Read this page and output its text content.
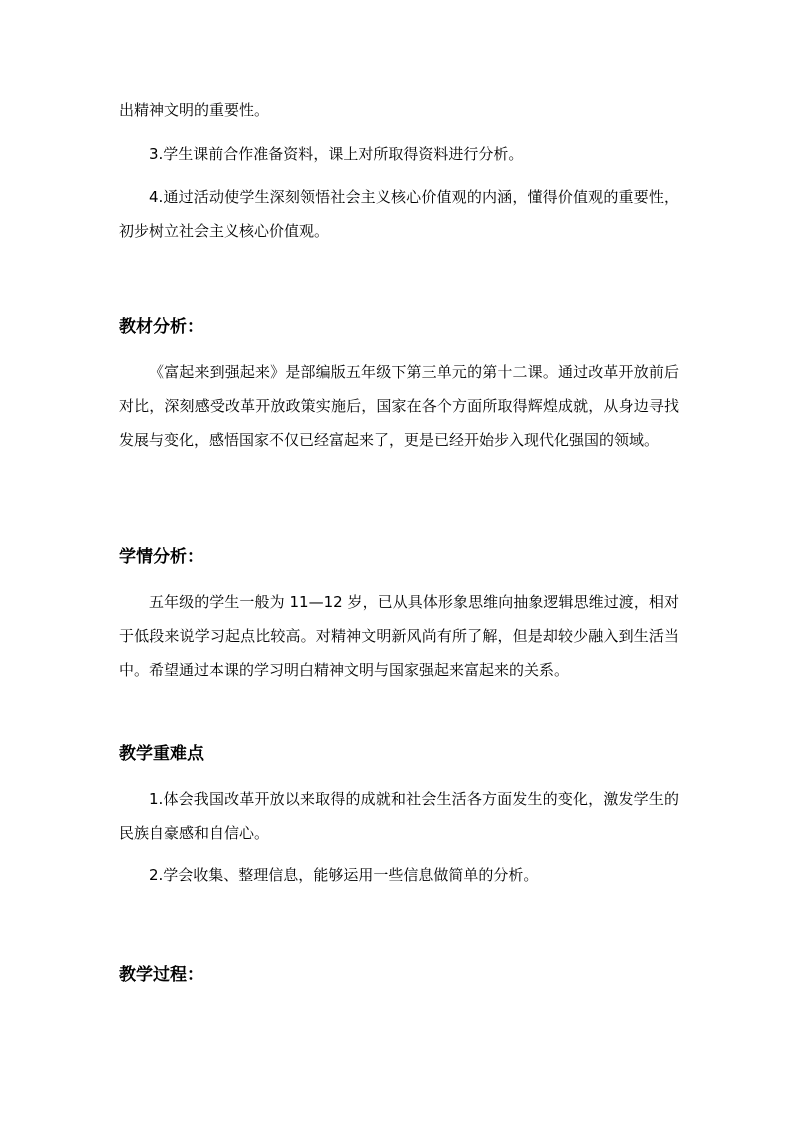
出精神文明的重要性。

3.学生课前合作准备资料，课上对所取得资料进行分析。

4.通过活动使学生深刻领悟社会主义核心价值观的内涵，懂得价值观的重要性，初步树立社会主义核心价值观。

教材分析：

《富起来到强起来》是部编版五年级下第三单元的第十二课。通过改革开放前后对比，深刻感受改革开放政策实施后，国家在各个方面所取得辉煌成就，从身边寻找发展与变化，感悟国家不仅已经富起来了，更是已经开始步入现代化强国的领域。

学情分析：

五年级的学生一般为 11—12 岁，已从具体形象思维向抽象逻辑思维过渡，相对于低段来说学习起点比较高。对精神文明新风尚有所了解，但是却较少融入到生活当中。希望通过本课的学习明白精神文明与国家强起来富起来的关系。

教学重难点

1.体会我国改革开放以来取得的成就和社会生活各方面发生的变化，激发学生的民族自豪感和自信心。

2.学会收集、整理信息，能够运用一些信息做简单的分析。

教学过程：
